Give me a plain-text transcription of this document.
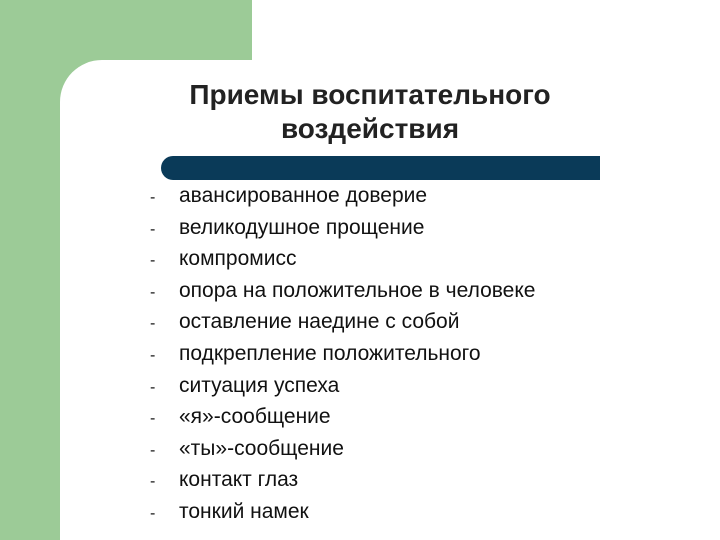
Приемы воспитательного
воздействия
-	авансированное доверие
-	великодушное прощение
-	компромисс
-	опора на положительное в человеке
-	оставление наедине с собой
-	подкрепление положительного
-	ситуация успеха
-	«я»-сообщение
-	«ты»-сообщение
-	контакт глаз
-	тонкий намек
